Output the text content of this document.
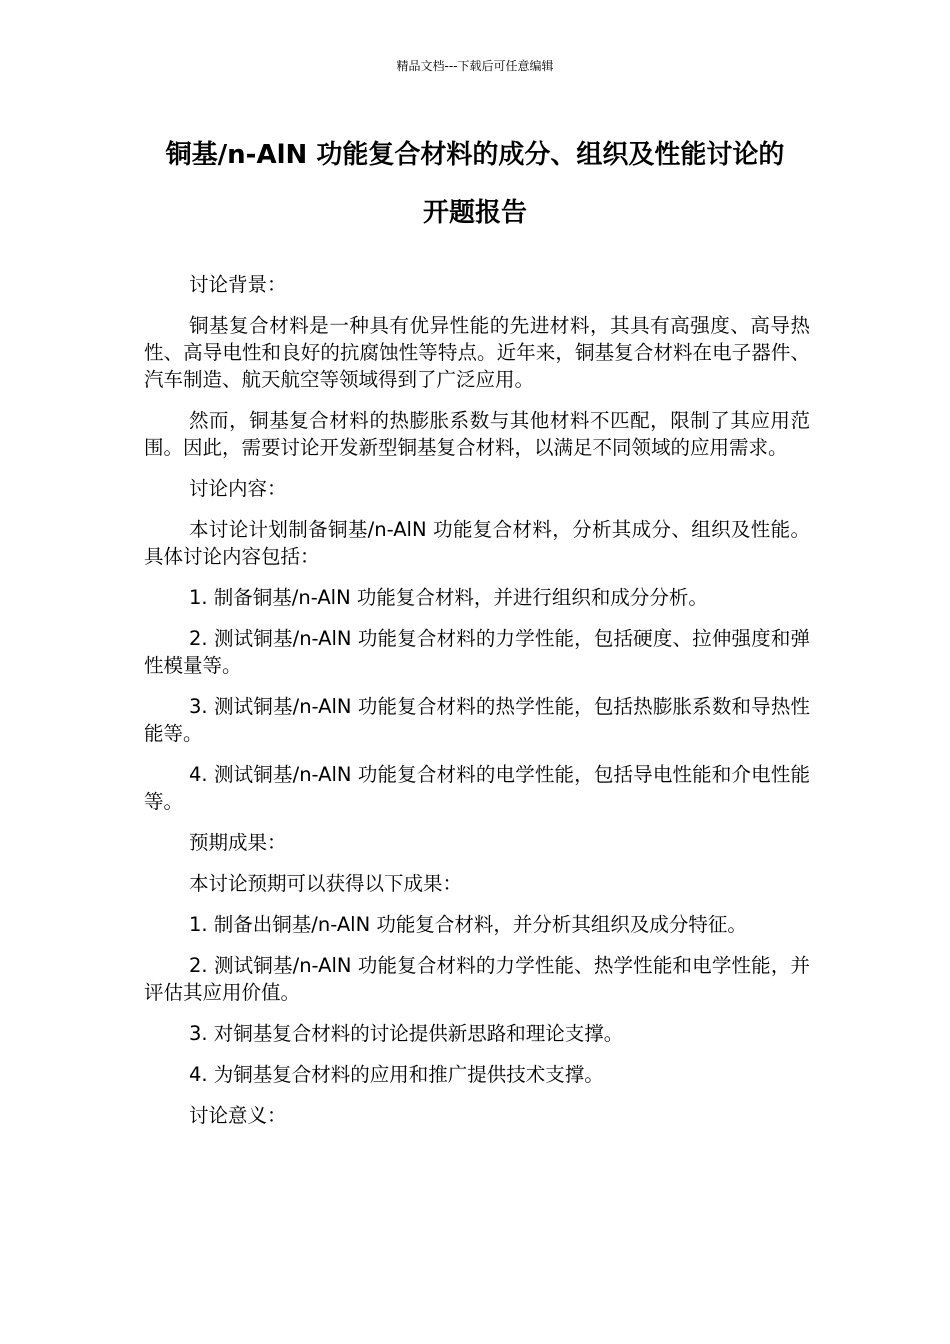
精品文档---下载后可任意编辑
铜基/n-AlN 功能复合材料的成分、组织及性能讨论的
开题报告

讨论背景：

铜基复合材料是一种具有优异性能的先进材料，其具有高强度、高导热性、高导电性和良好的抗腐蚀性等特点。近年来，铜基复合材料在电子器件、汽车制造、航天航空等领域得到了广泛应用。

然而，铜基复合材料的热膨胀系数与其他材料不匹配，限制了其应用范围。因此，需要讨论开发新型铜基复合材料，以满足不同领域的应用需求。

讨论内容：

本讨论计划制备铜基/n-AlN 功能复合材料，分析其成分、组织及性能。具体讨论内容包括：

1. 制备铜基/n-AlN 功能复合材料，并进行组织和成分分析。

2. 测试铜基/n-AlN 功能复合材料的力学性能，包括硬度、拉伸强度和弹性模量等。

3. 测试铜基/n-AlN 功能复合材料的热学性能，包括热膨胀系数和导热性能等。

4. 测试铜基/n-AlN 功能复合材料的电学性能，包括导电性能和介电性能等。

预期成果：

本讨论预期可以获得以下成果：

1. 制备出铜基/n-AlN 功能复合材料，并分析其组织及成分特征。

2. 测试铜基/n-AlN 功能复合材料的力学性能、热学性能和电学性能，并评估其应用价值。

3. 对铜基复合材料的讨论提供新思路和理论支撑。

4. 为铜基复合材料的应用和推广提供技术支撑。

讨论意义：
